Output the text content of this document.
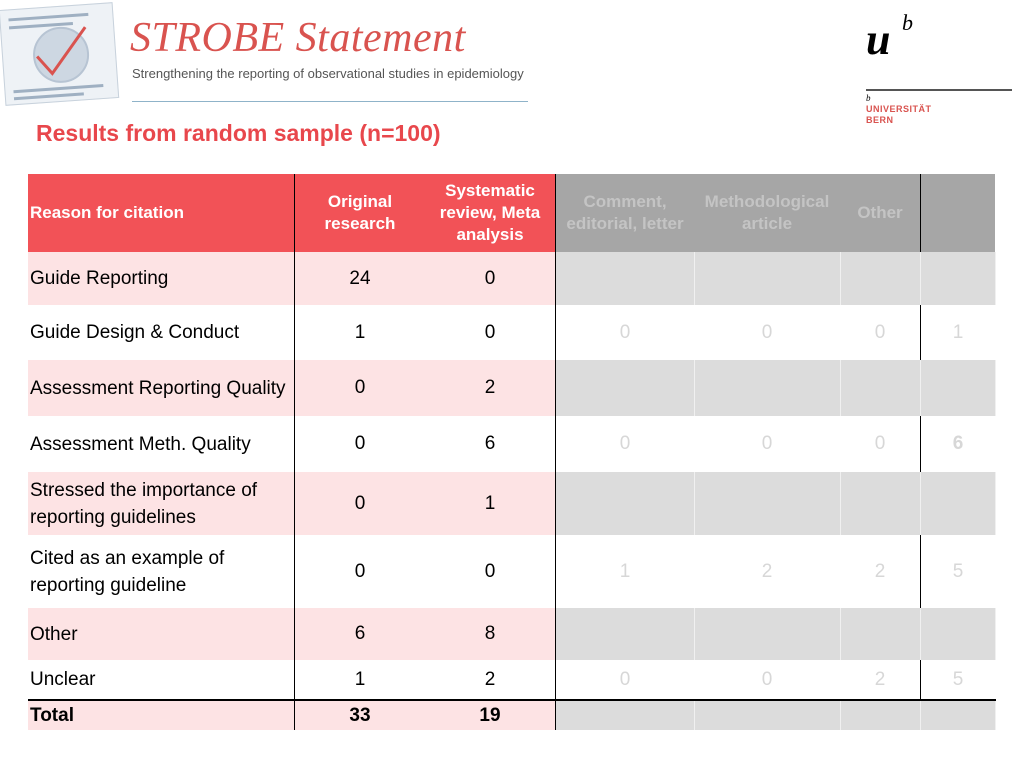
STROBE Statement
Strengthening the reporting of observational studies in epidemiology
u b
b
UNIVERSITÄT
BERN
Results from random sample (n=100)
Reason for citation	Original research	Systematic review, Meta analysis	Comment, editorial, letter	Methodological article	Other	
Guide Reporting	24	0				
Guide Design & Conduct	1	0	0	0	0	1
Assessment Reporting Quality	0	2				
Assessment Meth. Quality	0	6	0	0	0	6
Stressed the importance of reporting guidelines	0	1				
Cited as an example of reporting guideline	0	0	1	2	2	5
Other	6	8				
Unclear	1	2	0	0	2	5
Total	33	19				
